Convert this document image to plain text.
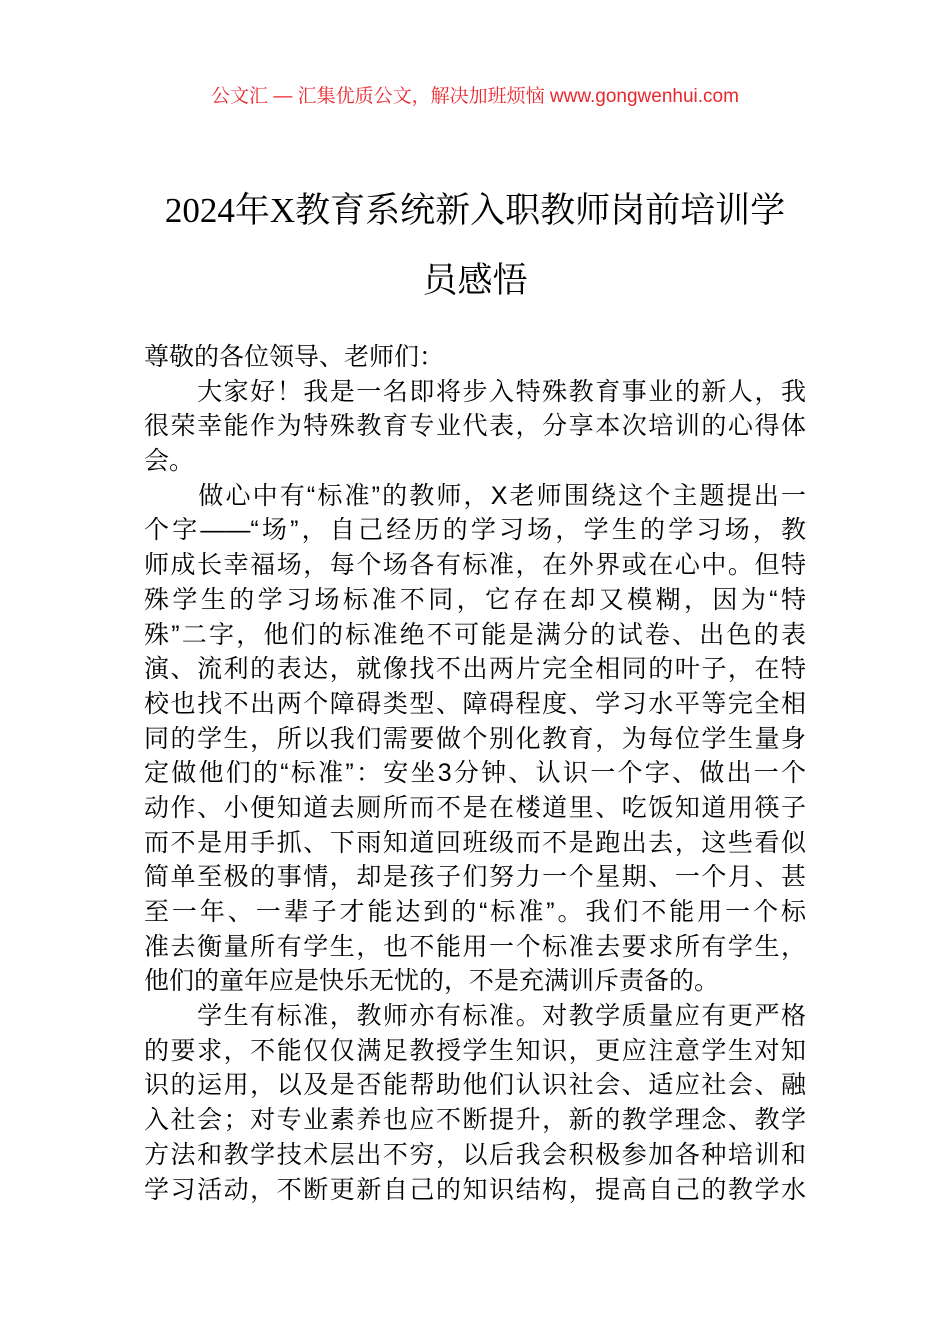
公文汇 — 汇集优质公文，解决加班烦恼 www.gongwenhui.com
2024年X教育系统新入职教师岗前培训学
员感悟
尊敬的各位领导、老师们：
　　大家好！我是一名即将步入特殊教育事业的新人，我
很荣幸能作为特殊教育专业代表，分享本次培训的心得体
会。
　　做心中有“标准”的教师，X老师围绕这个主题提出一
个字——“场”，自己经历的学习场，学生的学习场，教
师成长幸福场，每个场各有标准，在外界或在心中。但特
殊学生的学习场标准不同，它存在却又模糊，因为“特
殊”二字，他们的标准绝不可能是满分的试卷、出色的表
演、流利的表达，就像找不出两片完全相同的叶子，在特
校也找不出两个障碍类型、障碍程度、学习水平等完全相
同的学生，所以我们需要做个别化教育，为每位学生量身
定做他们的“标准”：安坐3分钟、认识一个字、做出一个
动作、小便知道去厕所而不是在楼道里、吃饭知道用筷子
而不是用手抓、下雨知道回班级而不是跑出去，这些看似
简单至极的事情，却是孩子们努力一个星期、一个月、甚
至一年、一辈子才能达到的“标准”。我们不能用一个标
准去衡量所有学生，也不能用一个标准去要求所有学生，
他们的童年应是快乐无忧的，不是充满训斥责备的。
　　学生有标准，教师亦有标准。对教学质量应有更严格
的要求，不能仅仅满足教授学生知识，更应注意学生对知
识的运用，以及是否能帮助他们认识社会、适应社会、融
入社会；对专业素养也应不断提升，新的教学理念、教学
方法和教学技术层出不穷，以后我会积极参加各种培训和
学习活动，不断更新自己的知识结构，提高自己的教学水
